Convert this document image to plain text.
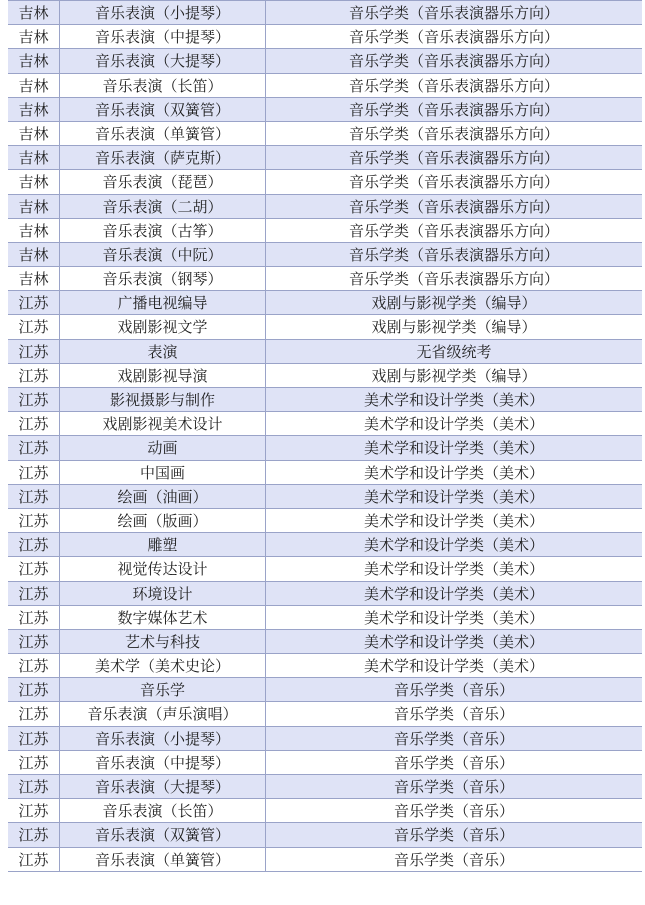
吉林	音乐表演（小提琴）	音乐学类（音乐表演器乐方向）
吉林	音乐表演（中提琴）	音乐学类（音乐表演器乐方向）
吉林	音乐表演（大提琴）	音乐学类（音乐表演器乐方向）
吉林	音乐表演（长笛）	音乐学类（音乐表演器乐方向）
吉林	音乐表演（双簧管）	音乐学类（音乐表演器乐方向）
吉林	音乐表演（单簧管）	音乐学类（音乐表演器乐方向）
吉林	音乐表演（萨克斯）	音乐学类（音乐表演器乐方向）
吉林	音乐表演（琵琶）	音乐学类（音乐表演器乐方向）
吉林	音乐表演（二胡）	音乐学类（音乐表演器乐方向）
吉林	音乐表演（古筝）	音乐学类（音乐表演器乐方向）
吉林	音乐表演（中阮）	音乐学类（音乐表演器乐方向）
吉林	音乐表演（钢琴）	音乐学类（音乐表演器乐方向）
江苏	广播电视编导	戏剧与影视学类（编导）
江苏	戏剧影视文学	戏剧与影视学类（编导）
江苏	表演	无省级统考
江苏	戏剧影视导演	戏剧与影视学类（编导）
江苏	影视摄影与制作	美术学和设计学类（美术）
江苏	戏剧影视美术设计	美术学和设计学类（美术）
江苏	动画	美术学和设计学类（美术）
江苏	中国画	美术学和设计学类（美术）
江苏	绘画（油画）	美术学和设计学类（美术）
江苏	绘画（版画）	美术学和设计学类（美术）
江苏	雕塑	美术学和设计学类（美术）
江苏	视觉传达设计	美术学和设计学类（美术）
江苏	环境设计	美术学和设计学类（美术）
江苏	数字媒体艺术	美术学和设计学类（美术）
江苏	艺术与科技	美术学和设计学类（美术）
江苏	美术学（美术史论）	美术学和设计学类（美术）
江苏	音乐学	音乐学类（音乐）
江苏	音乐表演（声乐演唱）	音乐学类（音乐）
江苏	音乐表演（小提琴）	音乐学类（音乐）
江苏	音乐表演（中提琴）	音乐学类（音乐）
江苏	音乐表演（大提琴）	音乐学类（音乐）
江苏	音乐表演（长笛）	音乐学类（音乐）
江苏	音乐表演（双簧管）	音乐学类（音乐）
江苏	音乐表演（单簧管）	音乐学类（音乐）
